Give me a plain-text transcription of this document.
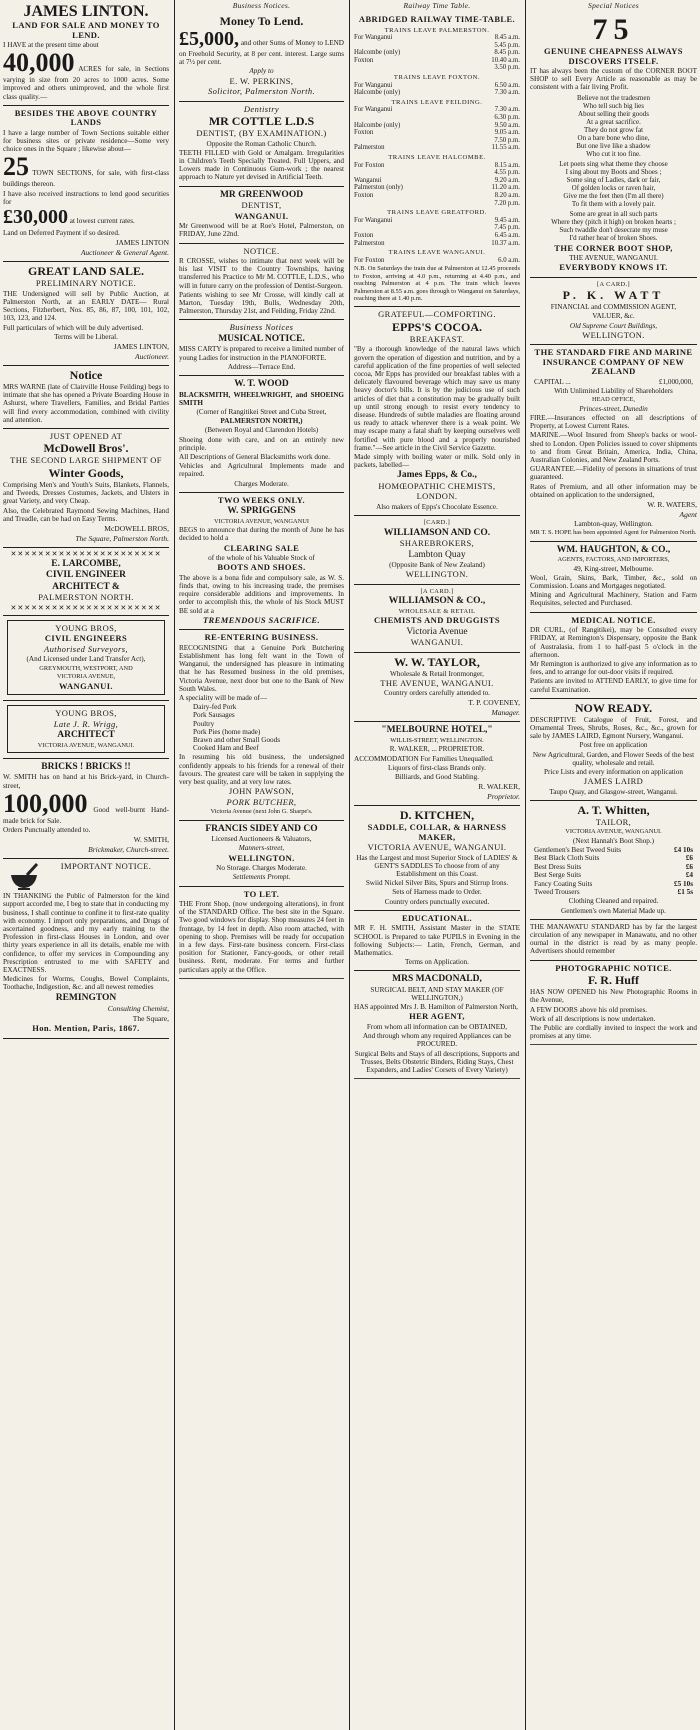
JAMES LINTON.
LAND FOR SALE AND MONEY TO LEND.

I HAVE at the present time about

40,000 ACRES for sale, in Sections varying in size from 20 acres to 1000 acres. Some improved and others unimproved, and the whole first class quality.—

BESIDES THE ABOVE COUNTRY LANDS

I have a large number of Town Sections suitable either for business sites or private residence—Some very choice ones in the Square ; likewise about—

25 TOWN SECTIONS, for sale, with first-class buildings thereon.

I have also received instructions to lend good securities for

£30,000 at lowest current rates.

Land on Deferred Payment if so desired.

JAMES LINTON
Auctioneer & General Agent.
GREAT LAND SALE.
PRELIMINARY NOTICE.

THE Undersigned will sell by Public Auction, at Palmerston North, at an EARLY DATE— Rural Sections, Fitzherbert, Nos. 85, 86, 87, 100, 101, 102, 103, 123, and 124.

Full particulars of which will be duly advertised.

Terms will be Liberal.

JAMES LINTON,
Auctioneer.
Notice

MRS WARNE (late of Clairville House Feilding) begs to intimate that she has opened a Private Boarding House in Ashurst, where Travellers, Families, and Bridal Parties will find every accommodation, combined with civility and attention.

JUST OPENED AT
McDowell Bros'.
THE SECOND LARGE SHIPMENT OF
Winter Goods,

Comprising Men's and Youth's Suits, Blankets, Flannels, and Tweeds, Dresses Costumes, Jackets, and Ulsters in great Variety, and very Cheap.

Also, the Celebrated Raymond Sewing Machines, Hand and Treadle, can be had on Easy Terms.

McDOWELL BROS,
The Square, Palmerston North.
✕✕✕✕✕✕✕✕✕✕✕✕✕✕✕✕✕✕✕✕✕✕
E. LARCOMBE,
CIVIL ENGINEER
ARCHITECT &
PALMERSTON NORTH.
✕✕✕✕✕✕✕✕✕✕✕✕✕✕✕✕✕✕✕✕✕✕
YOUNG BROS,
CIVIL ENGINEERS
Authorised Surveyors,

(And Licensed under Land Transfer Act),

GREYMOUTH, WESTPORT, AND

VICTORIA AVENUE,

WANGANUI.
YOUNG BROS,
Late J. R. Wrigg,
ARCHITECT

VICTORIA AVENUE, WANGANUI.

BRICKS ! BRICKS !!

W. SMITH has on hand at his Brick-yard, in Church-street,

100,000 Good well-burnt Hand-made brick for Sale.

Orders Punctually attended to.

W. SMITH,
Brickmaker, Church-street.
IMPORTANT NOTICE.

IN THANKING the Public of Palmerston for the kind support accorded me, I beg to state that in conducting my business, I shall continue to confine it to first-rate quality with economy. I import only preparations, and Drugs of ascertained goodness, and my early training to the Profession in first-class Houses in London, and over thirty years experience in all its details, enable me with confidence, to offer my services in Compounding any Prescription entrusted to me with SAFETY and EXACTNESS.

Medicines for Worms, Coughs, Bowel Complaints, Toothache, Indigestion, &c. and all newest remedies

REMINGTON
Consulting Chemist,
The Square,
Hon. Mention, Paris, 1867.
Business Notices.
Money To Lend.

£5,000, and other Sums of Money to LEND on Freehold Security, at 8 per cent. interest. Large sums at 7½ per cent.

Apply to

E. W. PERKINS,
Solicitor, Palmerston North.
Dentistry
MR COTTLE L.D.S
DENTIST, (BY EXAMINATION.)

Opposite the Roman Catholic Church.

TEETH FILLED with Gold or Amalgam. Irregularities in Children's Teeth Specially Treated. Full Uppers, and Lowers made in Continuous Gum-work ; the nearest approach to Nature yet devised in Artificial Teeth.

MR GREENWOOD
DENTIST,
WANGANUI.

Mr Greenwood will be at Roe's Hotel, Palmerston, on FRIDAY, June 22nd.

NOTICE.

R CROSSE, wishes to intimate that next week will be his last VISIT to the Country Townships, having transferred his Practice to Mr M. COTTLE, L.D.S., who will in future carry on the profession of Dentist-Surgeon.

Patients wishing to see Mr Crosse, will kindly call at Marton, Tuesday 19th, Bulls, Wednesday 20th, Palmerston, Thursday 21st, and Feilding, Friday 22nd.

Business Notices
MUSICAL NOTICE.

MISS CARTY is prepared to receive a limited number of young Ladies for instruction in the PIANOFORTE.

Address—Terrace End.

W. T. WOOD

BLACKSMITH, WHEELWRIGHT, and SHOEING SMITH

(Corner of Rangitikei Street and Cuba Street,

PALMERSTON NORTH,)

(Between Royal and Clarendon Hotels)

Shoeing done with care, and on an entirely new principle.

All Descriptions of General Blacksmiths work done.

Vehicles and Agricultural Implements made and repaired.

Charges Moderate.

TWO WEEKS ONLY.
W. SPRIGGENS

VICTORIA AVENUE, WANGANUI

BEGS to announce that during the month of June he has decided to hold a

CLEARING SALE

of the whole of his Valuable Stock of

BOOTS AND SHOES.

The above is a bona fide and compulsory sale, as W. S. finds that, owing to his increasing trade, the premises require considerable additions and improvements. In order to accomplish this, the whole of his Stock MUST BE sold at a

TREMENDOUS SACRIFICE.
RE-ENTERING BUSINESS.

RECOGNISING that a Genuine Pork Butchering Establishment has long felt want in the Town of Wanganui, the undersigned has pleasure in intimating that he has Resumed business in the old premises, Victoria Avenue, next door but one to the Bank of New South Wales.

A speciality will be made of—

Dairy-fed Pork
Pork Sausages
Poultry
Pork Pies (home made)
Brawn and other Small Goods
Cooked Ham and Beef

In resuming his old business, the undersigned confidently appeals to his friends for a renewal of their favours. The greatest care will be taken in supplying the very best quality, and at very low rates.

JOHN PAWSON,
PORK BUTCHER,

Victoria Avenue (next John G. Sharpe's.

FRANCIS SIDEY AND CO

Licensed Auctioneers & Valuators,

Manners-street,

WELLINGTON.

No Storage. Charges Moderate.

Settlements Prompt.

TO LET.

THE Front Shop, (now undergoing alterations), in front of the STANDARD Office. The best site in the Square. Two good windows for display. Shop measures 24 feet in frontage, by 14 feet in depth. Also room attached, with opening to shop. Premises will be ready for occupation in a few days. First-rate business concern. First-class position for Stationer, Fancy-goods, or other retail business. Rent, moderate. For terms and further particulars apply at the Office.

Railway Time Table.
ABRIDGED RAILWAY TIME-TABLE.
TRAINS LEAVE PALMERSTON.
For Wanganui	8.45 a.m.
5.45 p.m.
Halcombe (only)	8.45 p.m.
Foxton	10.40 a.m.
3.50 p.m.
TRAINS LEAVE FOXTON.
For Wanganui	6.50 a.m.
Halcombe (only)	7.30 a.m.
TRAINS LEAVE FEILDING.
For Wanganui	7.30 a.m.
6.30 p.m.
Halcombe (only)	9.50 a.m.
Foxton	9.05 a.m.
7.50 p.m.
Palmerston	11.55 a.m.
TRAINS LEAVE HALCOMBE.
For Foxton	8.15 a.m.
4.55 p.m.
Wanganui	9.20 a.m.
Palmerston (only)	11.20 a.m.
Foxton	8.20 a.m.
7.20 p.m.
TRAINS LEAVE GREATFORD.
For Wanganui	9.45 a.m.
7.45 p.m.
Foxton	6.45 a.m.
Palmerston	10.37 a.m.
TRAINS LEAVE WANGANUI.
For Foxton	6.0 a.m.

N.B. On Saturdays the train due at Palmerston at 12.45 proceeds to Foxton, arriving at 4.0 p.m., returning at 4.40 p.m., and reaching Palmerston at 4 p.m. The train which leaves Palmerston at 8.55 a.m. goes through to Wanganui on Saturdays, reaching there at 1.40 p.m.

GRATEFUL—COMFORTING.
EPPS'S COCOA.
BREAKFAST.

"By a thorough knowledge of the natural laws which govern the operation of digestion and nutrition, and by a careful application of the fine properties of well selected cocoa, Mr Epps has provided our breakfast tables with a delicately flavoured beverage which may save us many heavy doctor's bills. It is by the judicious use of such articles of diet that a constitution may be gradually built up until strong enough to resist every tendency to disease. Hundreds of subtle maladies are floating around us ready to attack wherever there is a weak point. We may escape many a fatal shaft by keeping ourselves well fortified with pure blood and a properly nourished frame."—See article in the Civil Service Gazette.

Made simply with boiling water or milk. Sold only in packets, labelled—

James Epps, & Co.,
HOMŒOPATHIC CHEMISTS,
LONDON.

Also makers of Epps's Chocolate Essence.

[CARD.]
WILLIAMSON AND CO.
SHAREBROKERS,
Lambton Quay

(Opposite Bank of New Zealand)

WELLINGTON.
[A CARD.]
WILLIAMSON & CO.,
WHOLESALE & RETAIL
CHEMISTS AND DRUGGISTS
Victoria Avenue
WANGANUI.
W. W. TAYLOR,

Wholesale & Retail Ironmonger,

THE AVENUE, WANGANUI.

Country orders carefully attended to.

T. P. COVENEY,
Manager.
"MELBOURNE HOTEL,"

WILLIS-STREET, WELLINGTON.

R. WALKER, ... PROPRIETOR.

ACCOMMODATION For Families Unequalled.

Liquors of first-class Brands only.

Billiards, and Good Stabling.

R. WALKER,
Proprietor.
D. KITCHEN,
SADDLE, COLLAR, & HARNESS MAKER,
VICTORIA AVENUE, WANGANUI.

Has the Largest and most Superior Stock of LADIES' & GENT'S SADDLES To choose from of any Establishment on this Coast.

Swiid Nickel Silver Bits, Spurs and Stirrup Irons.

Sets of Harness made to Order.

Country orders punctually executed.

EDUCATIONAL.

MR F. H. SMITH, Assistant Master in the STATE SCHOOL is Prepared to take PUPILS in Evening in the following Subjects:— Latin, French, German, and Mathematics.

Terms on Application.

MRS MACDONALD,

SURGICAL BELT, AND STAY MAKER (OF WELLINGTON,)

HAS appointed Mrs J. B. Hamilton of Palmerston North,

HER AGENT,

From whom all information can be OBTAINED,

And through whom any required Appliances can be PROCURED.

Surgical Belts and Stays of all descriptions, Supports and Trusses, Belts Obstetric Binders, Riding Stays, Chest Expanders, and Ladies' Corsets of Every Variety)

Special Notices
75
GENUINE CHEAPNESS ALWAYS DISCOVERS ITSELF.

IT has always been the custom of the CORNER BOOT SHOP to sell Every Article as reasonable as may be consistent with a fair living Profit.

Believe not the tradesmen
Who tell such big lies
About selling their goods
At a great sacrifice.
They do not grow fat
On a bare bone who dine,
But one live like a shadow
Who cut it too fine.
Let poets sing what theme they choose
I sing about my Boots and Shoes ;
Some sing of Ladies, dark or fair,
Of golden locks or raven hair,
Give me the feet then (I'm all there)
To fit them with a lovely pair.
Some are great in all such parts
Where they (pitch it high) on broken hearts ;
Such twaddle don't desecrate my muse
I'd rather hear of broken Shoes.
THE CORNER BOOT SHOP,

THE AVENUE, WANGANUI.

EVERYBODY KNOWS IT.
[A CARD.]
P. K. WATT

FINANCIAL and COMMISSION AGENT,

VALUER, &c.

Old Supreme Court Buildings,

WELLINGTON.
THE STANDARD FIRE AND MARINE INSURANCE COMPANY OF NEW ZEALAND
CAPITAL ...	£1,000,000,

With Unlimited Liability of Shareholders

HEAD OFFICE,

Princes-street, Dunedin

FIRE.—Insurances effected on all descriptions of Property, at Lowest Current Rates.

MARINE.—Wool Insured from Sheep's backs or wool-shed to London. Open Policies issued to cover shipments to and from Great Britain, America, India, China, Australian Colonies, and New Zealand Ports.

GUARANTEE.—Fidelity of persons in situations of trust guaranteed.

Rates of Premium, and all other information may be obtained on application to the undersigned,

W. R. WATERS,
Agent

Lambton-quay, Wellington.

MR T. S. HOPE has been appointed Agent for Palmerston North.

WM. HAUGHTON, & CO.,

AGENTS, FACTORS, AND IMPORTERS,

49, King-street, Melbourne.

Wool, Grain, Skins, Bark, Timber, &c., sold on Commission. Loans and Mortgages negotiated.

Mining and Agricultural Machinery, Station and Farm Requisites, selected and Purchased.

MEDICAL NOTICE.

DR CURL, (of Rangitikei), may be Consulted every FRIDAY, at Remington's Dispensary, opposite the Bank of Australasia, from 1 to half-past 5 o'clock in the afternoon.

Mr Remington is authorized to give any information as to fees, and to arrange for out-door visits if required.

Patients are invited to ATTEND EARLY, to give time for careful Examination.

NOW READY.

DESCRIPTIVE Catalogue of Fruit, Forest, and Ornamental Trees, Shrubs, Roses, &c., &c., grown for sale by JAMES LAIRD, Egmont Nursery, Wanganui.

Post free on application

New Agricultural, Garden, and Flower Seeds of the best quality, wholesale and retail.

Price Lists and every information on application

JAMES LAIRD

Taupo Quay, and Glasgow-street, Wanganui.

A. T. Whitten,
TAILOR,

VICTORIA AVENUE, WANGANUI.

(Next Hannah's Boot Shop.)

Gentlemen's Best Tweed Suits	£4 10s
Best Black Cloth Suits	£6
Best Dress Suits	£6
Best Serge Suits	£4
Fancy Coating Suits	£5 10s
Tweed Trousers	£1 5s

Clothing Cleaned and repaired.

Gentlemen's own Material Made up.

THE MANAWATU STANDARD has by far the largest circulation of any newspaper in Manawatu, and no other ournal in the district is read by as many people. Advertisers should remember

PHOTOGRAPHIC NOTICE.
F. R. Huff

HAS NOW OPENED his New Photographic Rooms in the Avenue,

A FEW DOORS above his old premises.

Work of all descriptions is now undertaken.

The Public are cordially invited to inspect the work and promises at any time.
